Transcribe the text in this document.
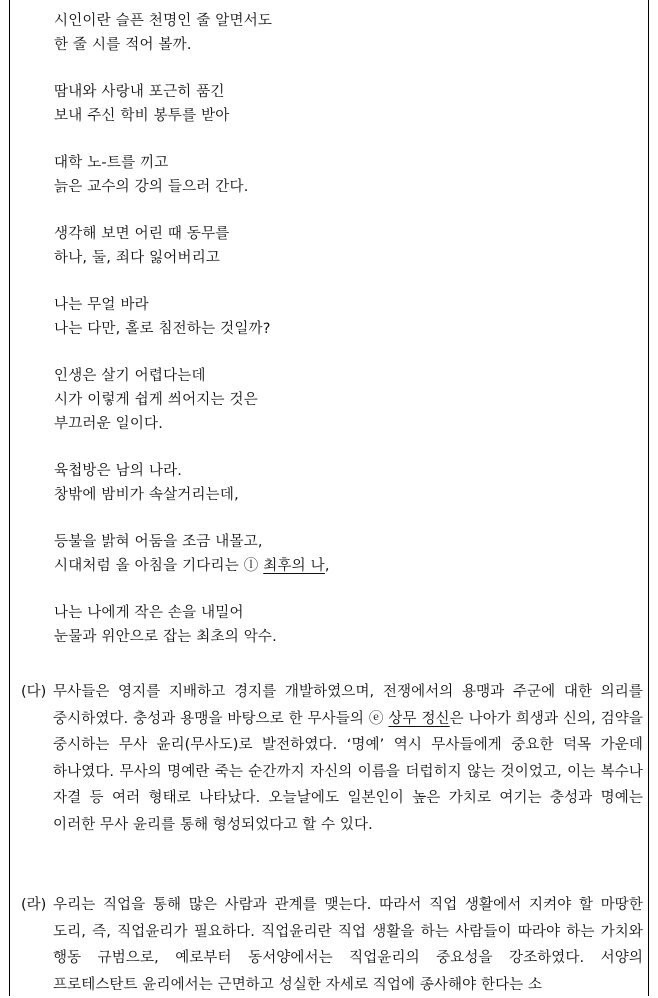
시인이란 슬픈 천명인 줄 알면서도
한 줄 시를 적어 볼까.
땀내와 사랑내 포근히 품긴
보내 주신 학비 봉투를 받아
대학 노-트를 끼고
늙은 교수의 강의 들으러 간다.
생각해 보면 어린 때 동무를
하나, 둘, 죄다 잃어버리고
나는 무얼 바라
나는 다만, 홀로 침전하는 것일까?
인생은 살기 어렵다는데
시가 이렇게 쉽게 씌어지는 것은
부끄러운 일이다.
육첩방은 남의 나라.
창밖에 밤비가 속살거리는데,
등불을 밝혀 어둠을 조금 내몰고,
시대처럼 올 아침을 기다리는 ⓛ 최후의 나,
나는 나에게 작은 손을 내밀어
눈물과 위안으로 잡는 최초의 악수.
(다) 무사들은 영지를 지배하고 경지를 개발하였으며, 전쟁에서의 용맹과 주군에 대한 의리를 중시하였다. 충성과 용맹을 바탕으로 한 무사들의 ⓔ 상무 정신은 나아가 희생과 신의, 검약을 중시하는 무사 윤리(무사도)로 발전하였다. ‘명예’ 역시 무사들에게 중요한 덕목 가운데 하나였다. 무사의 명예란 죽는 순간까지 자신의 이름을 더럽히지 않는 것이었고, 이는 복수나 자결 등 여러 형태로 나타났다. 오늘날에도 일본인이 높은 가치로 여기는 충성과 명예는 이러한 무사 윤리를 통해 형성되었다고 할 수 있다.
(라) 우리는 직업을 통해 많은 사람과 관계를 맺는다. 따라서 직업 생활에서 지켜야 할 마땅한 도리, 즉, 직업윤리가 필요하다. 직업윤리란 직업 생활을 하는 사람들이 따라야 하는 가치와 행동 규범으로, 예로부터 동서양에서는 직업윤리의 중요성을 강조하였다. 서양의 프로테스탄트 윤리에서는 근면하고 성실한 자세로 직업에 종사해야 한다는 소
